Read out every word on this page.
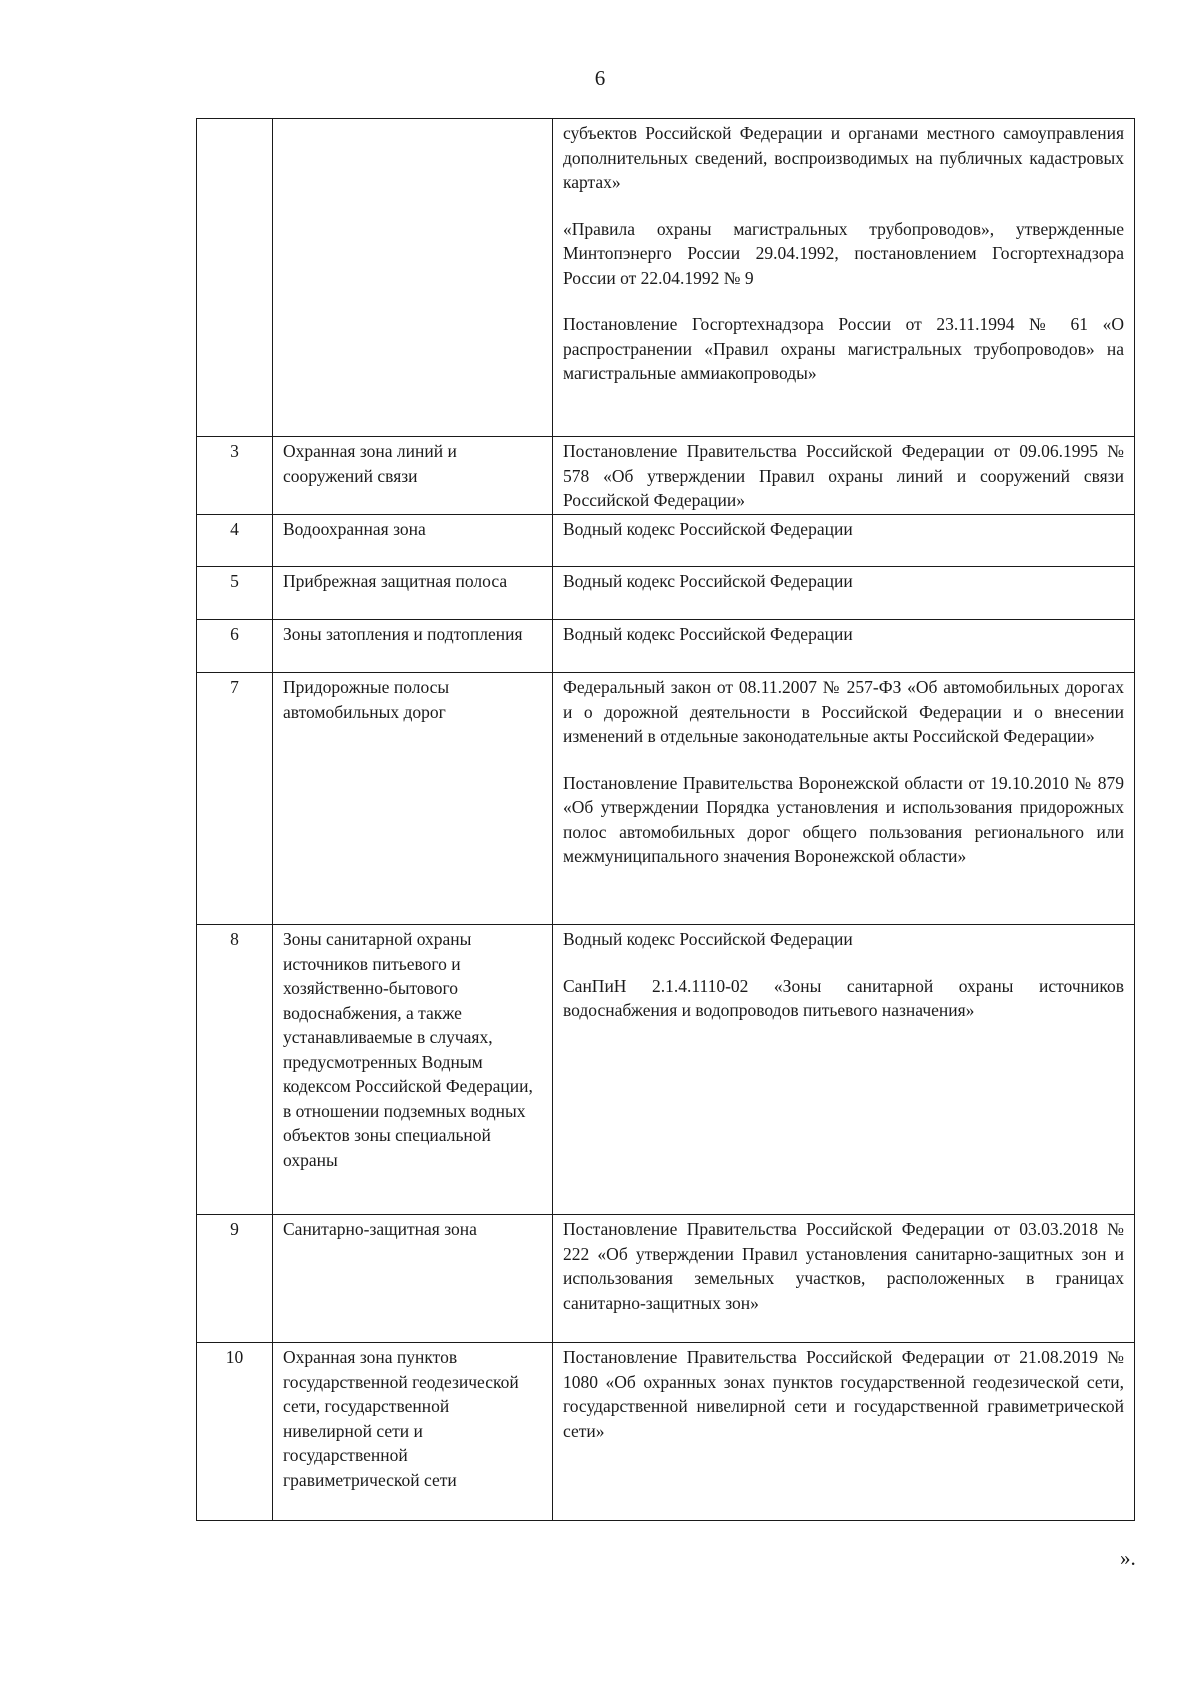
6

		субъектов Российской Федерации и органами местного самоуправления дополнительных сведений, воспроизводимых на публичных кадастровых картах»

«Правила охраны магистральных трубопроводов», утвержденные Минтопэнерго России 29.04.1992, постановлением Госгортехнадзора России от 22.04.1992 № 9

Постановление Госгортехнадзора России от 23.11.1994 № 61 «О распространении «Правил охраны магистральных трубопроводов» на магистральные аммиакопроводы»

3	Охранная зона линий и сооружений связи	Постановление Правительства Российской Федерации от 09.06.1995 № 578 «Об утверждении Правил охраны линий и сооружений связи Российской Федерации»

4	Водоохранная зона	Водный кодекс Российской Федерации

5	Прибрежная защитная полоса	Водный кодекс Российской Федерации

6	Зоны затопления и подтопления	Водный кодекс Российской Федерации

7	Придорожные полосы автомобильных дорог	Федеральный закон от 08.11.2007 № 257-ФЗ «Об автомобильных дорогах и о дорожной деятельности в Российской Федерации и о внесении изменений в отдельные законодательные акты Российской Федерации»

Постановление Правительства Воронежской области от 19.10.2010 № 879 «Об утверждении Порядка установления и использования придорожных полос автомобильных дорог общего пользования регионального или межмуниципального значения Воронежской области»

8	Зоны санитарной охраны источников питьевого и хозяйственно-бытового водоснабжения, а также устанавливаемые в случаях, предусмотренных Водным кодексом Российской Федерации, в отношении подземных водных объектов зоны специальной охраны	Водный кодекс Российской Федерации

СанПиН 2.1.4.1110-02 «Зоны санитарной охраны источников водоснабжения и водопроводов питьевого назначения»

9	Санитарно-защитная зона	Постановление Правительства Российской Федерации от 03.03.2018 № 222 «Об утверждении Правил установления санитарно-защитных зон и использования земельных участков, расположенных в границах санитарно-защитных зон»

10	Охранная зона пунктов государственной геодезической сети, государственной нивелирной сети и государственной гравиметрической сети	Постановление Правительства Российской Федерации от 21.08.2019 № 1080 «Об охранных зонах пунктов государственной геодезической сети, государственной нивелирной сети и государственной гравиметрической сети»

».
